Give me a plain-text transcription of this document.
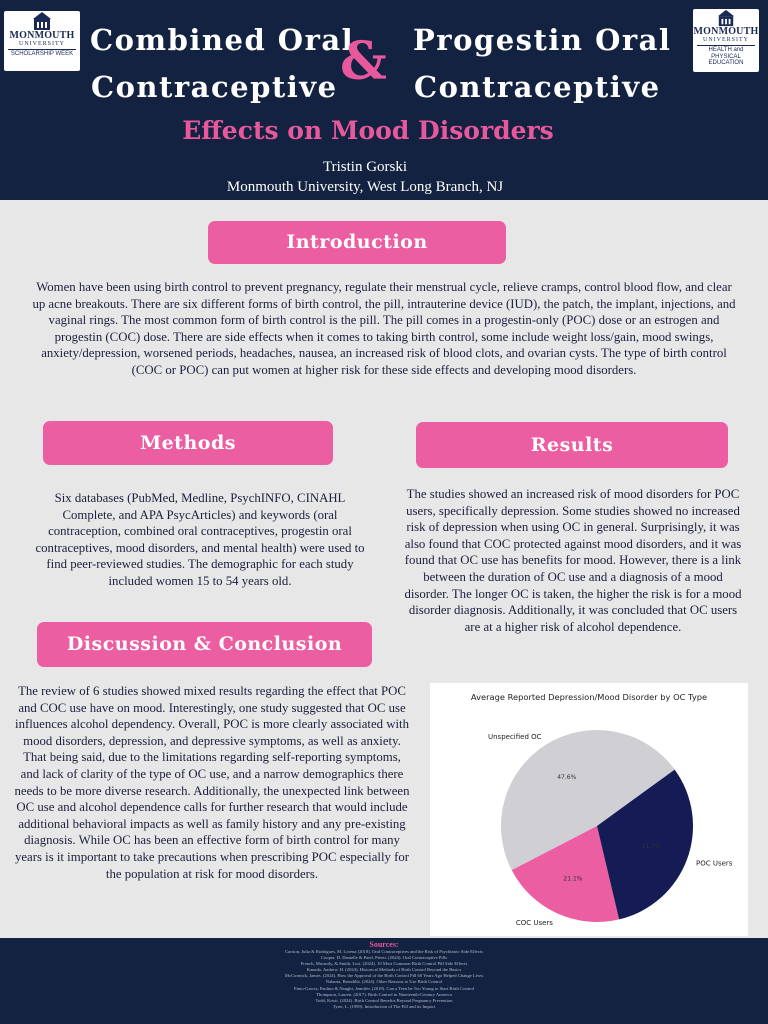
MONMOUTH
UNIVERSITY
SCHOLARSHIP WEEK
MONMOUTH
UNIVERSITY
HEALTH and
PHYSICAL EDUCATION
Combined Oral
Contraceptive & Progestin Oral
Contraceptive
Effects on Mood Disorders
Tristin Gorski
Monmouth University, West Long Branch, NJ
Introduction
Women have been using birth control to prevent pregnancy, regulate their menstrual cycle, relieve cramps, control blood flow, and clear up acne breakouts. There are six different forms of birth control, the pill, intrauterine device (IUD), the patch, the implant, injections, and vaginal rings. The most common form of birth control is the pill. The pill comes in a progestin-only (POC) dose or an estrogen and progestin (COC) dose. There are side effects when it comes to taking birth control, some include weight loss/gain, mood swings, anxiety/depression, worsened periods, headaches, nausea, an increased risk of blood clots, and ovarian cysts. The type of birth control (COC or POC) can put women at higher risk for these side effects and developing mood disorders.
Methods
Six databases (PubMed, Medline, PsychINFO, CINAHL Complete, and APA PsycArticles) and keywords (oral contraception, combined oral contraceptives, progestin oral contraceptives, mood disorders, and mental health) were used to find peer-reviewed studies. The demographic for each study included women 15 to 54 years old.
Results
The studies showed an increased risk of mood disorders for POC users, specifically depression. Some studies showed no increased risk of depression when using OC in general. Surprisingly, it was also found that COC protected against mood disorders, and it was found that OC use has benefits for mood. However, there is a link between the duration of OC use and a diagnosis of a mood disorder. The longer OC is taken, the higher the risk is for a mood disorder diagnosis. Additionally, it was concluded that OC users are at a higher risk of alcohol dependence.
Discussion & Conclusion
The review of 6 studies showed mixed results regarding the effect that POC and COC use have on mood. Interestingly, one study suggested that OC use influences alcohol dependency. Overall, POC is more clearly associated with mood disorders, depression, and depressive symptoms, as well as anxiety. That being said, due to the limitations regarding self-reporting symptoms, and lack of clarity of the type of OC use, and a narrow demographics there needs to be more diverse research. Additionally, the unexpected link between OC use and alcohol dependence calls for further research that would include additional behavioral impacts as well as family history and any pre-existing diagnosis. While OC has been an effective form of birth control for many years is it important to take precautions when prescribing POC especially for the population at risk for mood disorders.
Average Reported Depression/Mood Disorder by OC Type
47.6%
Unspecified OC
21.1%
COC Users
31.3%
POC Users
Sources:
Carrion, Julia & Rodrigues, M. Lorena (2018). Oral Contraceptives and the Risk of Psychiatric Side Effects
Cooper, D. Danielle & Patel, Preeti. (2024). Oral Contraceptive Pills
French, Macmily, & Smith, Lori. (2024). 10 Most Common Birth Control Pill Side Effects
Kanada, Andrew. H. (2024). Historical Methods of Birth Control Beyond the Basics
McCormick, James. (2024). How the Approval of the Birth Control Pill 60 Years Ago Helped Change Lives
Nabarta, Brendilla. (2024). Other Reasons to Use Birth Control
Pinto-Garcia, Paulina & Naught, Jennifer. (2018). Can a Teen be Too Young to Start Birth Control
Thompson, Lauren. (2017). Birth Control in Nineteenth-Century America
Todd, Kristi. (2024). Birth Control Benefits Beyond Pregnancy Prevention
Tyrer, L. (1999). Introduction of The Pill and its Impact
